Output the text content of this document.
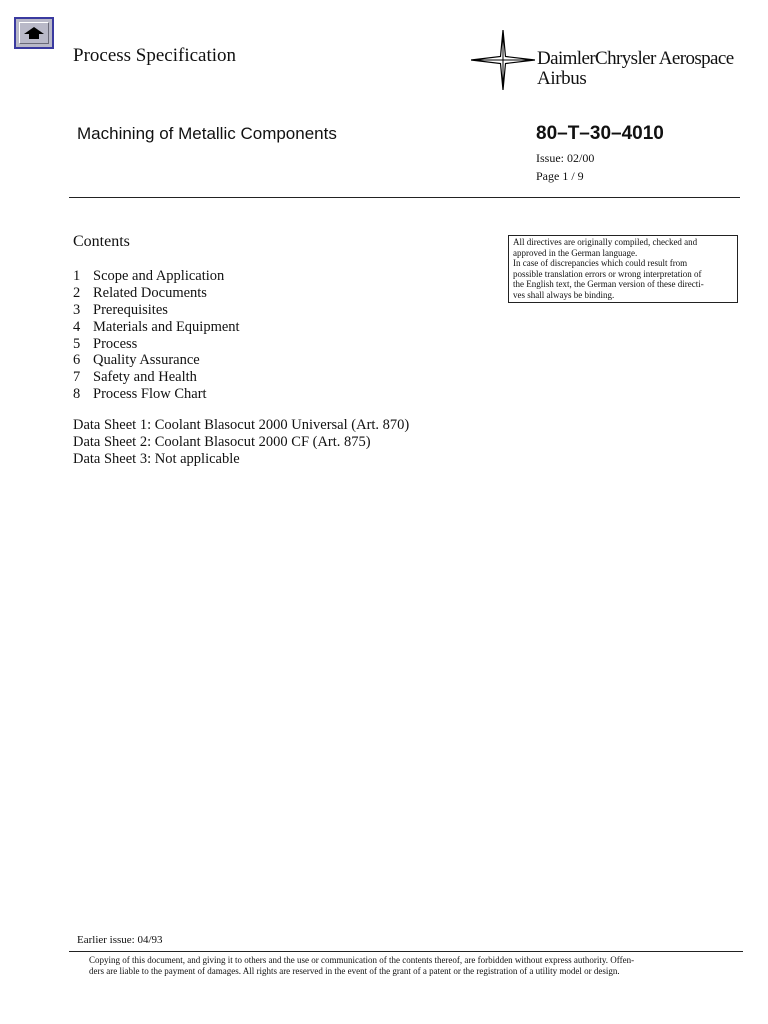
Process Specification	DaimlerChrysler Aerospace
Airbus
Machining of Metallic Components	80–T–30–4010
Issue: 02/00
Page 1 / 9
Contents
1 Scope and Application
2 Related Documents
3 Prerequisites
4 Materials and Equipment
5 Process
6 Quality Assurance
7 Safety and Health
8 Process Flow Chart
Data Sheet 1: Coolant Blasocut 2000 Universal (Art. 870)
Data Sheet 2: Coolant Blasocut 2000 CF (Art. 875)
Data Sheet 3: Not applicable
All directives are originally compiled, checked and
approved in the German language.
In case of discrepancies which could result from
possible translation errors or wrong interpretation of
the English text, the German version of these directi-
ves shall always be binding.
Earlier issue: 04/93
Copying of this document, and giving it to others and the use or communication of the contents thereof, are forbidden without express authority. Offen-
ders are liable to the payment of damages. All rights are reserved in the event of the grant of a patent or the registration of a utility model or design.
